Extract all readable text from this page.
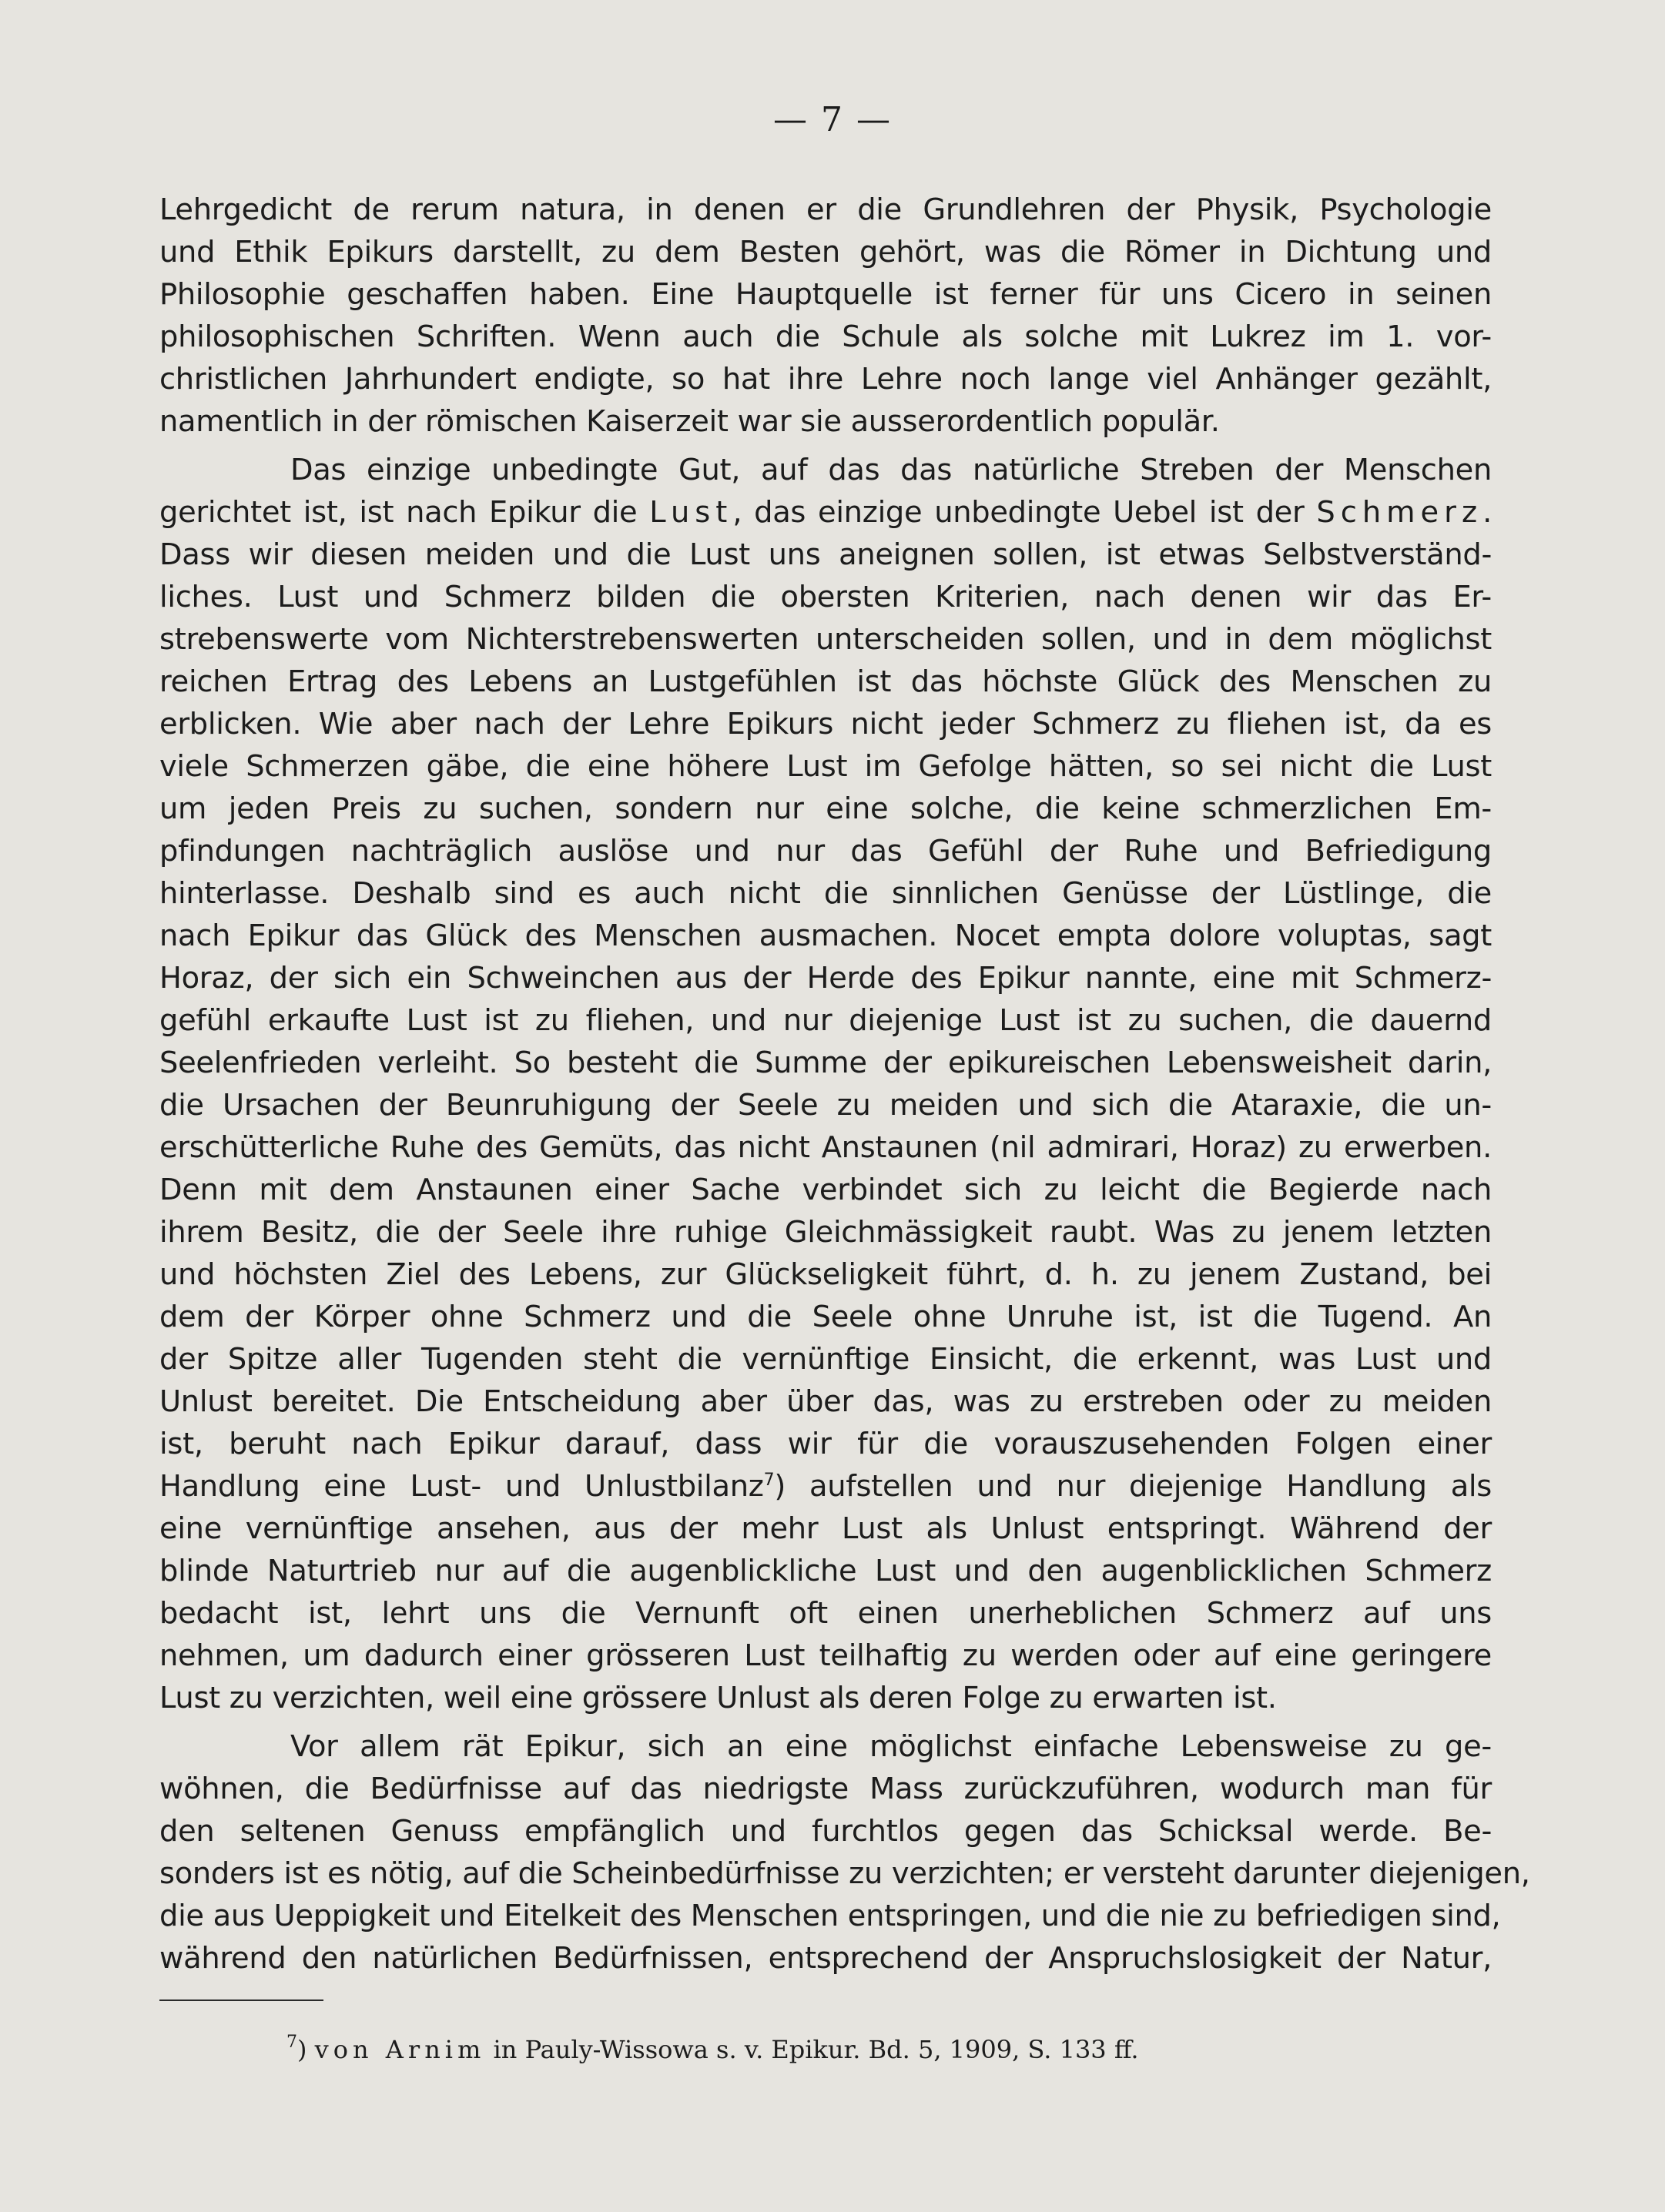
— 7 —
Lehrgedicht de rerum natura, in denen er die Grundlehren der Physik, Psychologie
und Ethik Epikurs darstellt, zu dem Besten gehört, was die Römer in Dichtung und
Philosophie geschaffen haben. Eine Hauptquelle ist ferner für uns Cicero in seinen
philosophischen Schriften. Wenn auch die Schule als solche mit Lukrez im 1. vor-
christlichen Jahrhundert endigte, so hat ihre Lehre noch lange viel Anhänger gezählt,
namentlich in der römischen Kaiserzeit war sie ausserordentlich populär.
Das einzige unbedingte Gut, auf das das natürliche Streben der Menschen
gerichtet ist, ist nach Epikur die Lust, das einzige unbedingte Uebel ist der Schmerz.
Dass wir diesen meiden und die Lust uns aneignen sollen, ist etwas Selbstverständ-
liches. Lust und Schmerz bilden die obersten Kriterien, nach denen wir das Er-
strebenswerte vom Nichterstrebenswerten unterscheiden sollen, und in dem möglichst
reichen Ertrag des Lebens an Lustgefühlen ist das höchste Glück des Menschen zu
erblicken. Wie aber nach der Lehre Epikurs nicht jeder Schmerz zu fliehen ist, da es
viele Schmerzen gäbe, die eine höhere Lust im Gefolge hätten, so sei nicht die Lust
um jeden Preis zu suchen, sondern nur eine solche, die keine schmerzlichen Em-
pfindungen nachträglich auslöse und nur das Gefühl der Ruhe und Befriedigung
hinterlasse. Deshalb sind es auch nicht die sinnlichen Genüsse der Lüstlinge, die
nach Epikur das Glück des Menschen ausmachen. Nocet empta dolore voluptas, sagt
Horaz, der sich ein Schweinchen aus der Herde des Epikur nannte, eine mit Schmerz-
gefühl erkaufte Lust ist zu fliehen, und nur diejenige Lust ist zu suchen, die dauernd
Seelenfrieden verleiht. So besteht die Summe der epikureischen Lebensweisheit darin,
die Ursachen der Beunruhigung der Seele zu meiden und sich die Ataraxie, die un-
erschütterliche Ruhe des Gemüts, das nicht Anstaunen (nil admirari, Horaz) zu erwerben.
Denn mit dem Anstaunen einer Sache verbindet sich zu leicht die Begierde nach
ihrem Besitz, die der Seele ihre ruhige Gleichmässigkeit raubt. Was zu jenem letzten
und höchsten Ziel des Lebens, zur Glückseligkeit führt, d. h. zu jenem Zustand, bei
dem der Körper ohne Schmerz und die Seele ohne Unruhe ist, ist die Tugend. An
der Spitze aller Tugenden steht die vernünftige Einsicht, die erkennt, was Lust und
Unlust bereitet. Die Entscheidung aber über das, was zu erstreben oder zu meiden
ist, beruht nach Epikur darauf, dass wir für die vorauszusehenden Folgen einer
Handlung eine Lust- und Unlustbilanz$^7$) aufstellen und nur diejenige Handlung als
eine vernünftige ansehen, aus der mehr Lust als Unlust entspringt. Während der
blinde Naturtrieb nur auf die augenblickliche Lust und den augenblicklichen Schmerz
bedacht ist, lehrt uns die Vernunft oft einen unerheblichen Schmerz auf uns
nehmen, um dadurch einer grösseren Lust teilhaftig zu werden oder auf eine geringere
Lust zu verzichten, weil eine grössere Unlust als deren Folge zu erwarten ist.
Vor allem rät Epikur, sich an eine möglichst einfache Lebensweise zu ge-
wöhnen, die Bedürfnisse auf das niedrigste Mass zurückzuführen, wodurch man für
den seltenen Genuss empfänglich und furchtlos gegen das Schicksal werde. Be-
sonders ist es nötig, auf die Scheinbedürfnisse zu verzichten; er versteht darunter diejenigen,
die aus Ueppigkeit und Eitelkeit des Menschen entspringen, und die nie zu befriedigen sind,
während den natürlichen Bedürfnissen, entsprechend der Anspruchslosigkeit der Natur,
$^7$) von Arnim in Pauly-Wissowa s. v. Epikur. Bd. 5, 1909, S. 133 ff.
